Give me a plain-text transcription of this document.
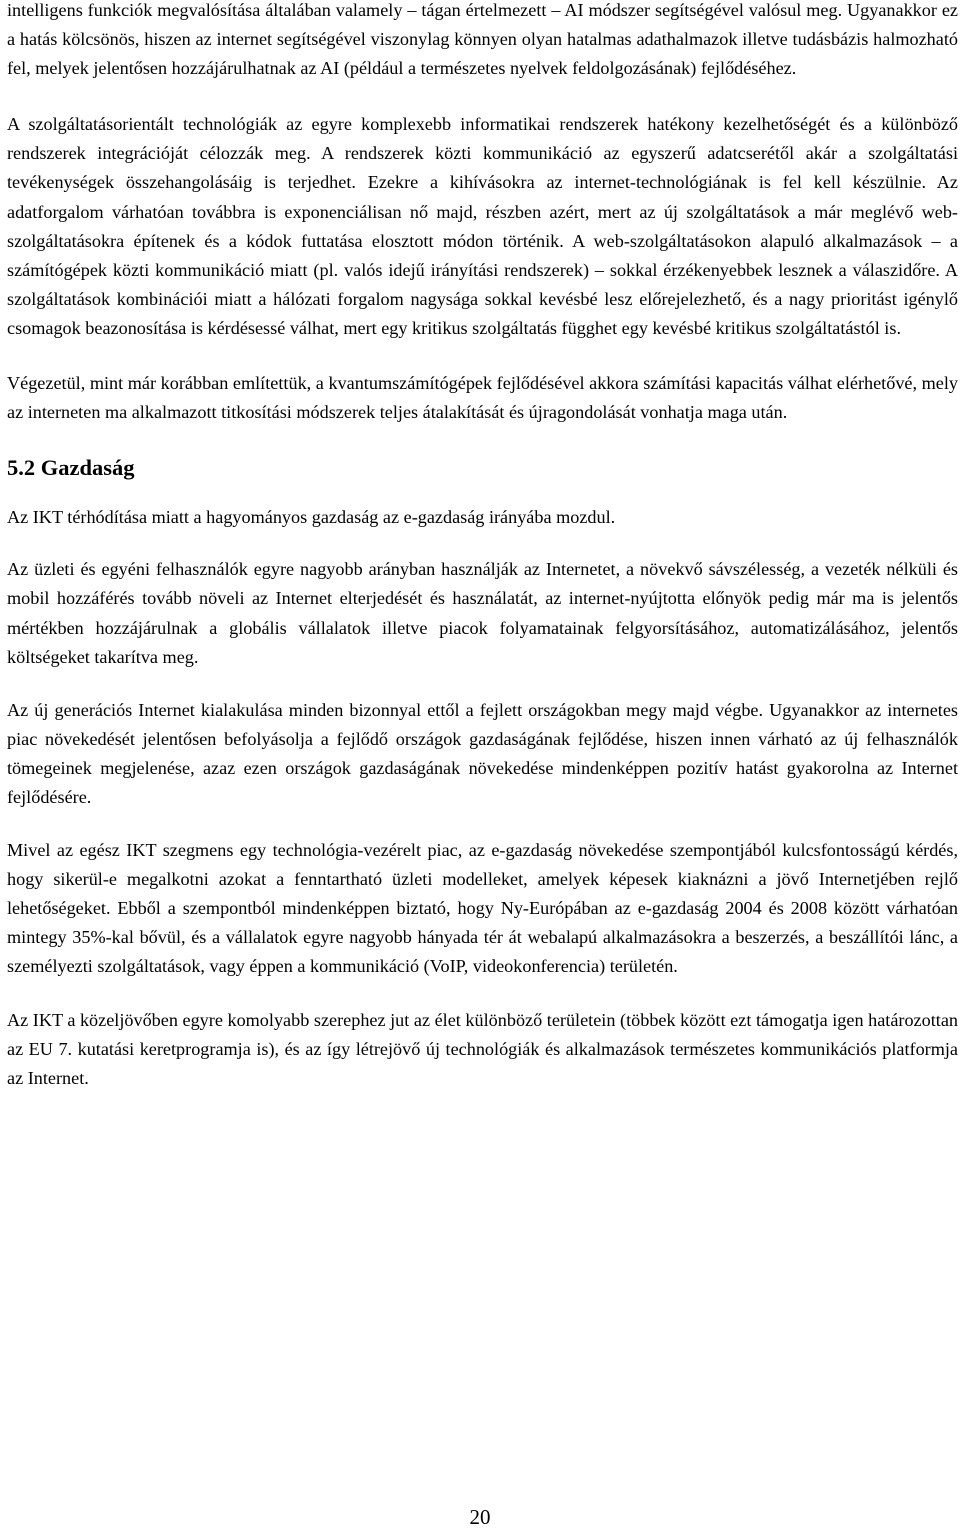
intelligens funkciók megvalósítása általában valamely – tágan értelmezett – AI módszer segítségével valósul meg. Ugyanakkor ez a hatás kölcsönös, hiszen az internet segítségével viszonylag könnyen olyan hatalmas adathalmazok illetve tudásbázis halmozható fel, melyek jelentősen hozzájárulhatnak az AI (például a természetes nyelvek feldolgozásának) fejlődéséhez.

A szolgáltatásorientált technológiák az egyre komplexebb informatikai rendszerek hatékony kezelhetőségét és a különböző rendszerek integrációját célozzák meg. A rendszerek közti kommunikáció az egyszerű adatcserétől akár a szolgáltatási tevékenységek összehangolásáig is terjedhet. Ezekre a kihívásokra az internet-technológiának is fel kell készülnie. Az adatforgalom várhatóan továbbra is exponenciálisan nő majd, részben azért, mert az új szolgáltatások a már meglévő web-szolgáltatásokra építenek és a kódok futtatása elosztott módon történik. A web-szolgáltatásokon alapuló alkalmazások – a számítógépek közti kommunikáció miatt (pl. valós idejű irányítási rendszerek) – sokkal érzékenyebbek lesznek a válaszidőre. A szolgáltatások kombinációi miatt a hálózati forgalom nagysága sokkal kevésbé lesz előrejelezhető, és a nagy prioritást igénylő csomagok beazonosítása is kérdésessé válhat, mert egy kritikus szolgáltatás függhet egy kevésbé kritikus szolgáltatástól is.

Végezetül, mint már korábban említettük, a kvantumszámítógépek fejlődésével akkora számítási kapacitás válhat elérhetővé, mely az interneten ma alkalmazott titkosítási módszerek teljes átalakítását és újragondolását vonhatja maga után.

5.2 Gazdaság

Az IKT térhódítása miatt a hagyományos gazdaság az e-gazdaság irányába mozdul.

Az üzleti és egyéni felhasználók egyre nagyobb arányban használják az Internetet, a növekvő sávszélesség, a vezeték nélküli és mobil hozzáférés tovább növeli az Internet elterjedését és használatát, az internet-nyújtotta előnyök pedig már ma is jelentős mértékben hozzájárulnak a globális vállalatok illetve piacok folyamatainak felgyorsításához, automatizálásához, jelentős költségeket takarítva meg.

Az új generációs Internet kialakulása minden bizonnyal ettől a fejlett országokban megy majd végbe. Ugyanakkor az internetes piac növekedését jelentősen befolyásolja a fejlődő országok gazdaságának fejlődése, hiszen innen várható az új felhasználók tömegeinek megjelenése, azaz ezen országok gazdaságának növekedése mindenképpen pozitív hatást gyakorolna az Internet fejlődésére.

Mivel az egész IKT szegmens egy technológia-vezérelt piac, az e-gazdaság növekedése szempontjából kulcsfontosságú kérdés, hogy sikerül-e megalkotni azokat a fenntartható üzleti modelleket, amelyek képesek kiaknázni a jövő Internetjében rejlő lehetőségeket. Ebből a szempontból mindenképpen biztató, hogy Ny-Európában az e-gazdaság 2004 és 2008 között várhatóan mintegy 35%-kal bővül, és a vállalatok egyre nagyobb hányada tér át webalapú alkalmazásokra a beszerzés, a beszállítói lánc, a személyezti szolgáltatások, vagy éppen a kommunikáció (VoIP, videokonferencia) területén.

Az IKT a közeljövőben egyre komolyabb szerephez jut az élet különböző területein (többek között ezt támogatja igen határozottan az EU 7. kutatási keretprogramja is), és az így létrejövő új technológiák és alkalmazások természetes kommunikációs platformja az Internet.

20
